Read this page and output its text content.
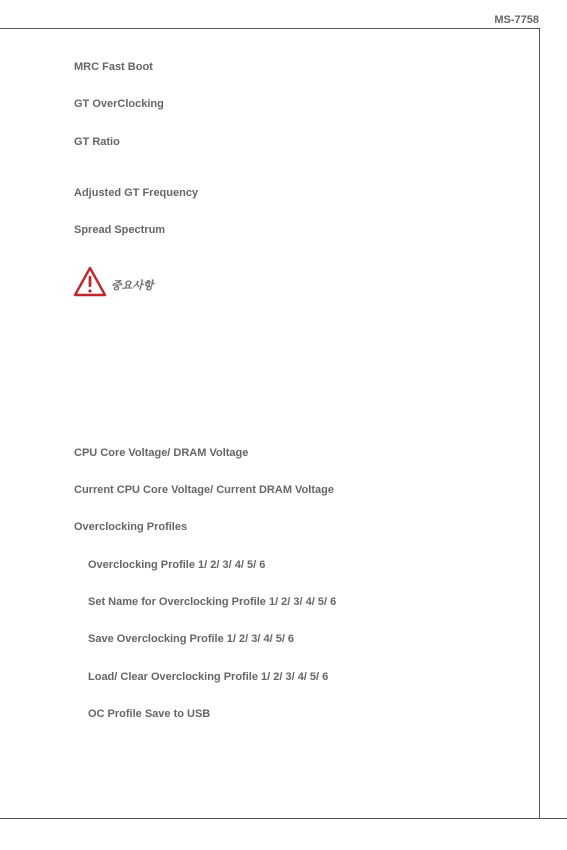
MS-7758
MRC Fast Boot
GT OverClocking
GT Ratio
Adjusted GT Frequency
Spread Spectrum
중요사항
CPU Core Voltage/ DRAM Voltage
Current CPU Core Voltage/ Current DRAM Voltage
Overclocking Profiles
Overclocking Profile 1/ 2/ 3/ 4/ 5/ 6
Set Name for Overclocking Profile 1/ 2/ 3/ 4/ 5/ 6
Save Overclocking Profile 1/ 2/ 3/ 4/ 5/ 6
Load/ Clear Overclocking Profile 1/ 2/ 3/ 4/ 5/ 6
OC Profile Save to USB
